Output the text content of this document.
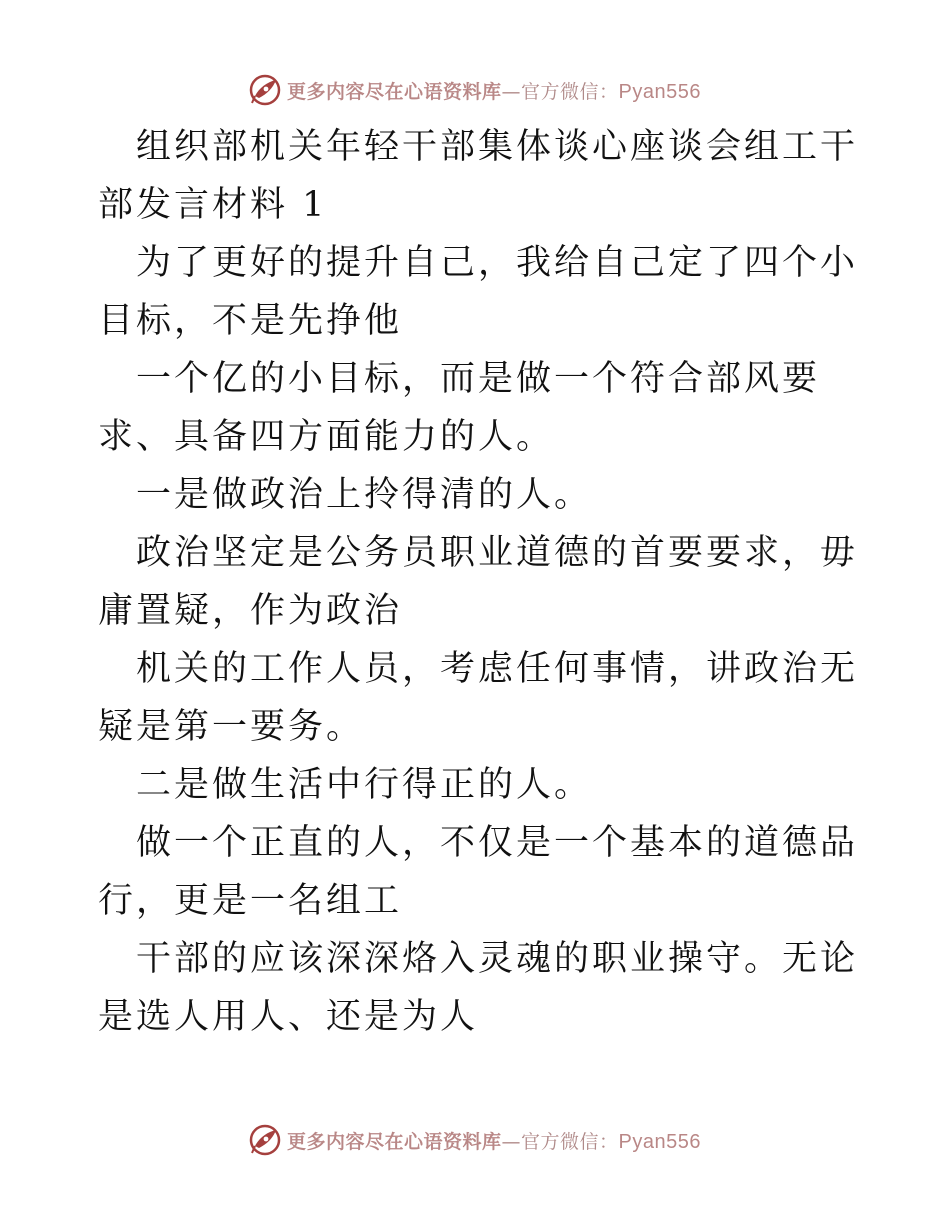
更多内容尽在心语资料库—官方微信：Pyan556

组织部机关年轻干部集体谈心座谈会组工干部发言材料 1

为了更好的提升自己，我给自己定了四个小目标，不是先挣他

一个亿的小目标，而是做一个符合部风要求、具备四方面能力的人。

一是做政治上拎得清的人。

政治坚定是公务员职业道德的首要要求，毋庸置疑，作为政治

机关的工作人员，考虑任何事情，讲政治无疑是第一要务。

二是做生活中行得正的人。

做一个正直的人，不仅是一个基本的道德品行，更是一名组工

干部的应该深深烙入灵魂的职业操守。无论是选人用人、还是为人

更多内容尽在心语资料库—官方微信：Pyan556
